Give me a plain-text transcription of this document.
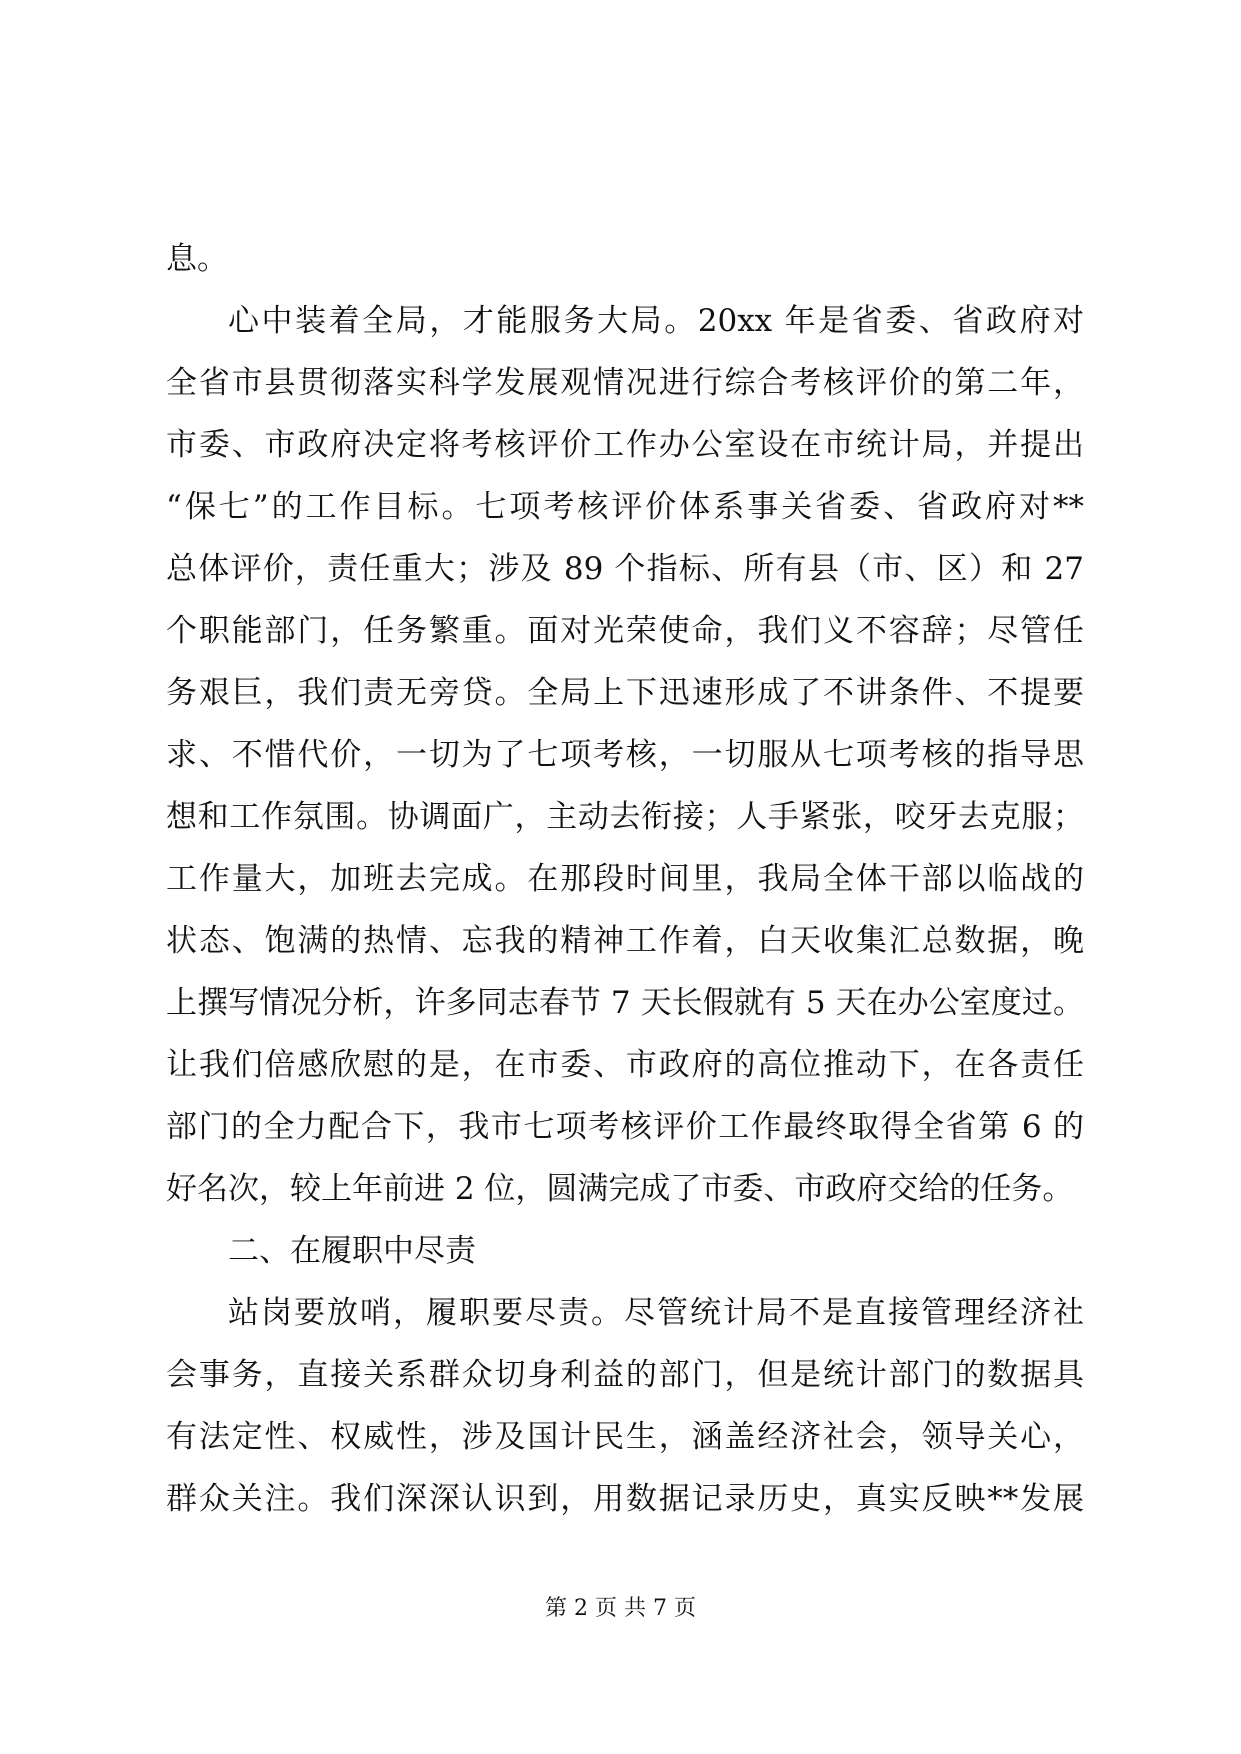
息。
心中装着全局，才能服务大局。20xx 年是省委、省政府对
全省市县贯彻落实科学发展观情况进行综合考核评价的第二年，
市委、市政府决定将考核评价工作办公室设在市统计局，并提出
“保七”的工作目标。七项考核评价体系事关省委、省政府对**
总体评价，责任重大；涉及 89 个指标、所有县（市、区）和 27
个职能部门，任务繁重。面对光荣使命，我们义不容辞；尽管任
务艰巨，我们责无旁贷。全局上下迅速形成了不讲条件、不提要
求、不惜代价，一切为了七项考核，一切服从七项考核的指导思
想和工作氛围。协调面广，主动去衔接；人手紧张，咬牙去克服；
工作量大，加班去完成。在那段时间里，我局全体干部以临战的
状态、饱满的热情、忘我的精神工作着，白天收集汇总数据，晚
上撰写情况分析，许多同志春节 7 天长假就有 5 天在办公室度过。
让我们倍感欣慰的是，在市委、市政府的高位推动下，在各责任
部门的全力配合下，我市七项考核评价工作最终取得全省第 6 的
好名次，较上年前进 2 位，圆满完成了市委、市政府交给的任务。
二、在履职中尽责
站岗要放哨，履职要尽责。尽管统计局不是直接管理经济社
会事务，直接关系群众切身利益的部门，但是统计部门的数据具
有法定性、权威性，涉及国计民生，涵盖经济社会，领导关心，
群众关注。我们深深认识到，用数据记录历史，真实反映**发展
第 2 页 共 7 页
